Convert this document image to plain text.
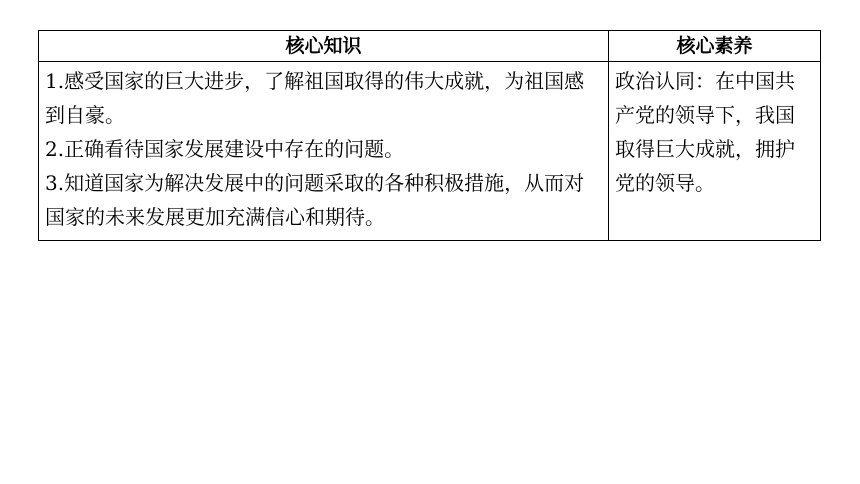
核心知识	核心素养

1.感受国家的巨大进步，了解祖国取得的伟大成就，为祖国感到自豪。
2.正确看待国家发展建设中存在的问题。
3.知道国家为解决发展中的问题采取的各种积极措施，从而对国家的未来发展更加充满信心和期待。	政治认同：在中国共产党的领导下，我国取得巨大成就，拥护党的领导。
